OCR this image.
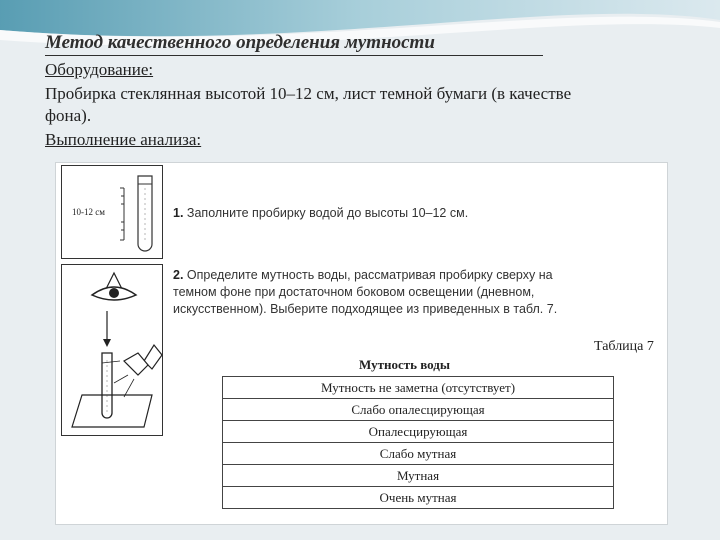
Метод качественного определения мутности
Оборудование:
Пробирка стеклянная высотой 10–12 см, лист темной бумаги (в качестве
фона).
Выполнение анализа:
10-12 см	1. Заполните пробирку водой до высоты 10–12 см.
2. Определите мутность воды, рассматривая пробирку сверху на
темном фоне при достаточном боковом освещении (дневном,
искусственном). Выберите подходящее из приведенных в табл. 7.
Таблица 7
Мутность воды
Мутность не заметна (отсутствует)
Слабо опалесцирующая
Опалесцирующая
Слабо мутная
Мутная
Очень мутная
